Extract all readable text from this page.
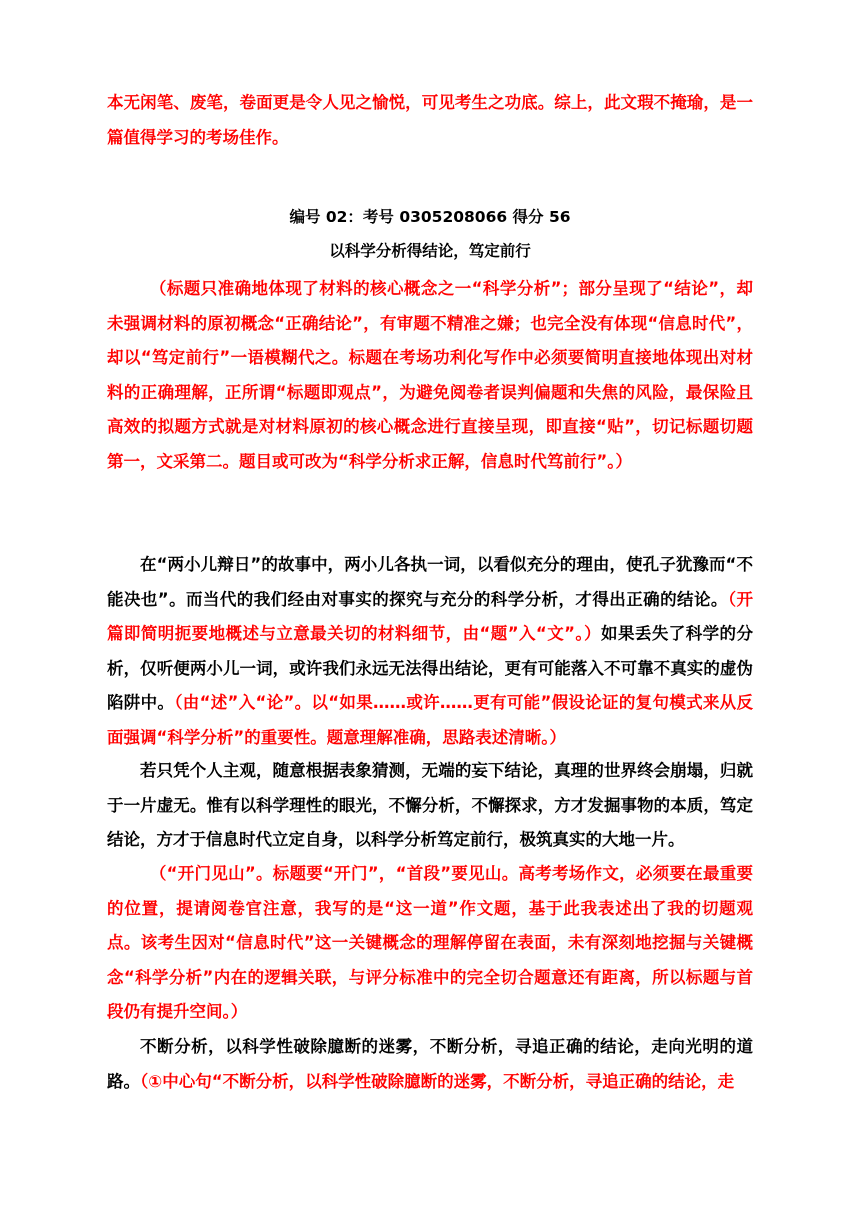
本无闲笔、废笔，卷面更是令人见之愉悦，可见考生之功底。综上，此文瑕不掩瑜，是一篇值得学习的考场佳作。

编号 02：考号 0305208066 得分 56

以科学分析得结论，笃定前行

（标题只准确地体现了材料的核心概念之一“科学分析”；部分呈现了“结论”，却未强调材料的原初概念“正确结论”，有审题不精准之嫌；也完全没有体现“信息时代”，却以“笃定前行”一语模糊代之。标题在考场功利化写作中必须要简明直接地体现出对材料的正确理解，正所谓“标题即观点”，为避免阅卷者误判偏题和失焦的风险，最保险且高效的拟题方式就是对材料原初的核心概念进行直接呈现，即直接“贴”，切记标题切题第一，文采第二。题目或可改为“科学分析求正解，信息时代笃前行”。）

在“两小儿辩日”的故事中，两小儿各执一词，以看似充分的理由，使孔子犹豫而“不能决也”。而当代的我们经由对事实的探究与充分的科学分析，才得出正确的结论。（开篇即简明扼要地概述与立意最关切的材料细节，由“题”入“文”。）如果丢失了科学的分析，仅听便两小儿一词，或许我们永远无法得出结论，更有可能落入不可靠不真实的虚伪陷阱中。（由“述”入“论”。以“如果……或许……更有可能”假设论证的复句模式来从反面强调“科学分析”的重要性。题意理解准确，思路表述清晰。）

若只凭个人主观，随意根据表象猜测，无端的妄下结论，真理的世界终会崩塌，归就于一片虚无。惟有以科学理性的眼光，不懈分析，不懈探求，方才发掘事物的本质，笃定结论，方才于信息时代立定自身，以科学分析笃定前行，极筑真实的大地一片。

（“开门见山”。标题要“开门”，“首段”要见山。高考考场作文，必须要在最重要的位置，提请阅卷官注意，我写的是“这一道”作文题，基于此我表述出了我的切题观点。该考生因对“信息时代”这一关键概念的理解停留在表面，未有深刻地挖掘与关键概念“科学分析”内在的逻辑关联，与评分标准中的完全切合题意还有距离，所以标题与首段仍有提升空间。）

不断分析，以科学性破除臆断的迷雾，不断分析，寻追正确的结论，走向光明的道路。（①中心句“不断分析，以科学性破除臆断的迷雾，不断分析，寻追正确的结论，走
